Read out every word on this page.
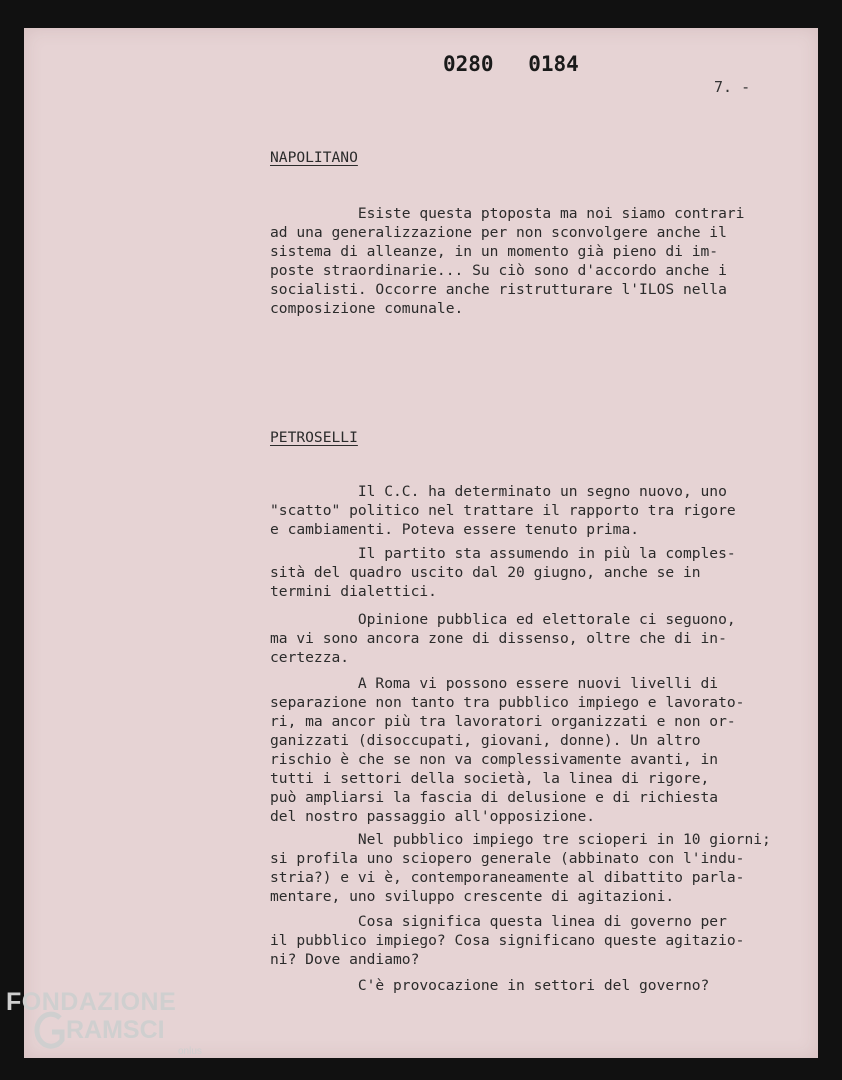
0280 0184
7. -
NAPOLITANO
Esiste questa ptoposta ma noi siamo contrari
ad una generalizzazione per non sconvolgere anche il
sistema di alleanze, in un momento già pieno di im-
poste straordinarie... Su ciò sono d'accordo anche i
socialisti. Occorre anche ristrutturare l'ILOS nella
composizione comunale.
PETROSELLI
Il C.C. ha determinato un segno nuovo, uno
"scatto" politico nel trattare il rapporto tra rigore
e cambiamenti. Poteva essere tenuto prima.
Il partito sta assumendo in più la comples-
sità del quadro uscito dal 20 giugno, anche se in
termini dialettici.
Opinione pubblica ed elettorale ci seguono,
ma vi sono ancora zone di dissenso, oltre che di in-
certezza.
A Roma vi possono essere nuovi livelli di
separazione non tanto tra pubblico impiego e lavorato-
ri, ma ancor più tra lavoratori organizzati e non or-
ganizzati (disoccupati, giovani, donne). Un altro
rischio è che se non va complessivamente avanti, in
tutti i settori della società, la linea di rigore,
può ampliarsi la fascia di delusione e di richiesta
del nostro passaggio all'opposizione.
Nel pubblico impiego tre scioperi in 10 giorni;
si profila uno sciopero generale (abbinato con l'indu-
stria?) e vi è, contemporaneamente al dibattito parla-
mentare, uno sviluppo crescente di agitazioni.
Cosa significa questa linea di governo per
il pubblico impiego? Cosa significano queste agitazio-
ni? Dove andiamo?
C'è provocazione in settori del governo?
FONDAZIONE
RAMSCI
onlus
